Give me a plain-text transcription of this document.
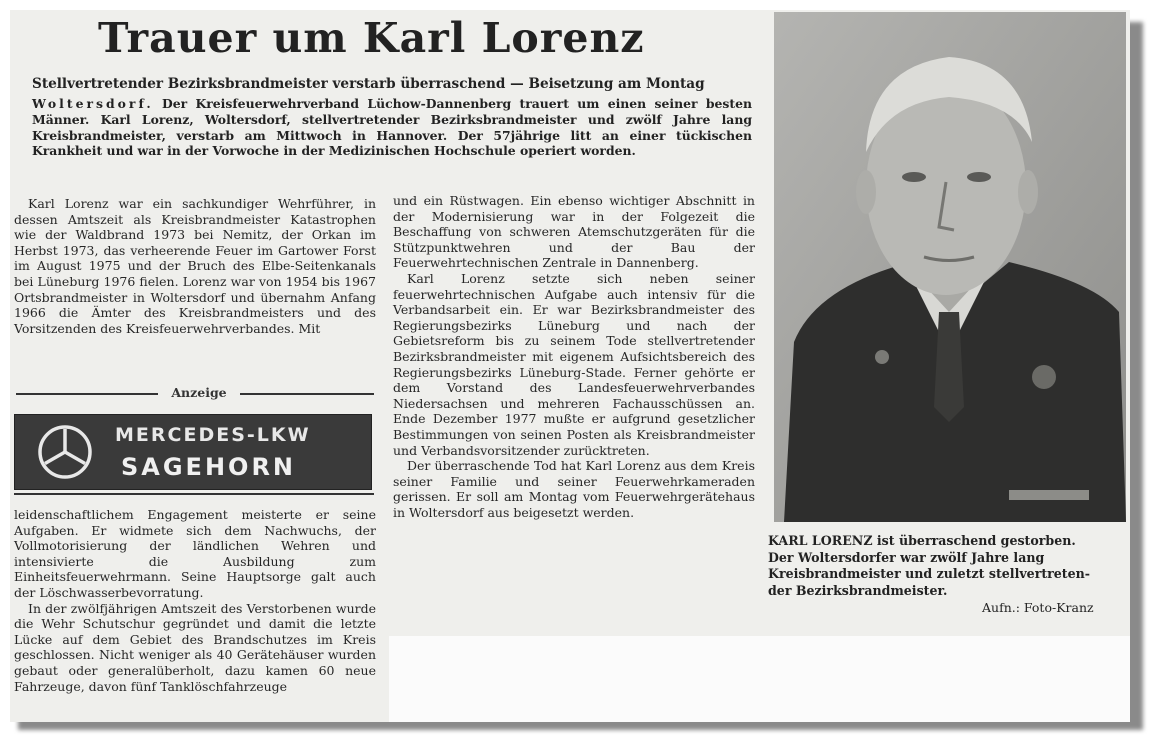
Trauer um Karl Lorenz
Stellvertretender Bezirksbrandmeister verstarb überraschend — Beisetzung am Montag
Woltersdorf. Der Kreisfeuerwehrverband Lüchow-Dannenberg trauert um einen seiner besten Männer. Karl Lorenz, Woltersdorf, stellvertretender Bezirksbrandmeister und zwölf Jahre lang Kreisbrandmeister, verstarb am Mittwoch in Hannover. Der 57jährige litt an einer tückischen Krankheit und war in der Vorwoche in der Medizinischen Hochschule operiert worden.

Karl Lorenz war ein sachkundiger Wehrführer, in dessen Amtszeit als Kreisbrandmeister Katastrophen wie der Waldbrand 1973 bei Nemitz, der Orkan im Herbst 1973, das verheerende Feuer im Gartower Forst im August 1975 und der Bruch des Elbe-Seitenkanals bei Lüneburg 1976 fielen. Lorenz war von 1954 bis 1967 Ortsbrandmeister in Woltersdorf und übernahm Anfang 1966 die Ämter des Kreisbrandmeisters und des Vorsitzenden des Kreisfeuerwehrverbandes. Mit

Anzeige
MERCEDES-LKW
SAGEHORN

leidenschaftlichem Engagement meisterte er seine Aufgaben. Er widmete sich dem Nachwuchs, der Vollmotorisierung der ländlichen Wehren und intensivierte die Ausbildung zum Einheitsfeuerwehrmann. Seine Hauptsorge galt auch der Löschwasserbevorratung.

In der zwölfjährigen Amtszeit des Verstorbenen wurde die Wehr Schutschur gegründet und damit die letzte Lücke auf dem Gebiet des Brandschutzes im Kreis geschlossen. Nicht weniger als 40 Gerätehäuser wurden gebaut oder generalüberholt, dazu kamen 60 neue Fahrzeuge, davon fünf Tanklöschfahrzeuge

und ein Rüstwagen. Ein ebenso wichtiger Abschnitt in der Modernisierung war in der Folgezeit die Beschaffung von schweren Atemschutzgeräten für die Stützpunktwehren und der Bau der Feuerwehrtechnischen Zentrale in Dannenberg.

Karl Lorenz setzte sich neben seiner feuerwehrtechnischen Aufgabe auch intensiv für die Verbandsarbeit ein. Er war Bezirksbrandmeister des Regierungsbezirks Lüneburg und nach der Gebietsreform bis zu seinem Tode stellvertretender Bezirksbrandmeister mit eigenem Aufsichtsbereich des Regierungsbezirks Lüneburg-Stade. Ferner gehörte er dem Vorstand des Landesfeuerwehrverbandes Niedersachsen und mehreren Fachausschüssen an. Ende Dezember 1977 mußte er aufgrund gesetzlicher Bestimmungen von seinen Posten als Kreisbrandmeister und Verbandsvorsitzender zurücktreten.

Der überraschende Tod hat Karl Lorenz aus dem Kreis seiner Familie und seiner Feuerwehrkameraden gerissen. Er soll am Montag vom Feuerwehrgerätehaus in Woltersdorf aus beigesetzt werden.

KARL LORENZ ist überraschend gestorben.
Der Woltersdorfer war zwölf Jahre lang
Kreisbrandmeister und zuletzt stellvertreten-
der Bezirksbrandmeister.
Aufn.: Foto-Kranz
